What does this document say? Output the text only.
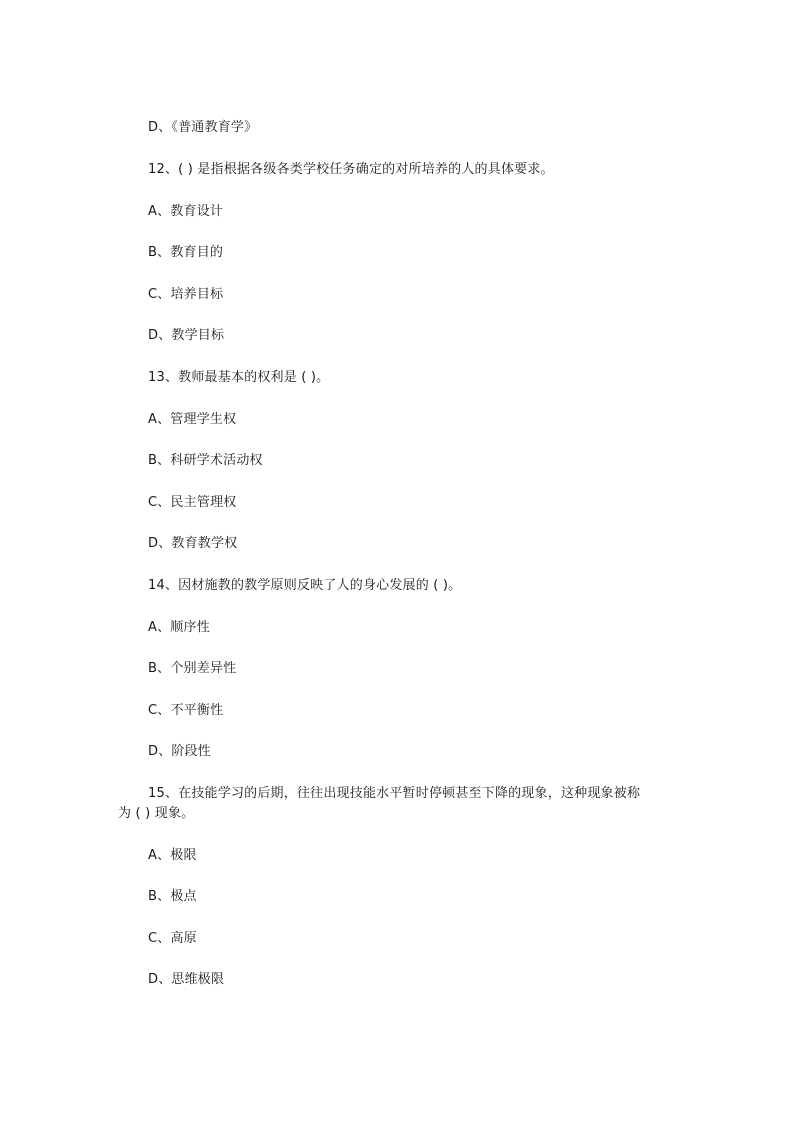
D、《普通教育学》
12、( ) 是指根据各级各类学校任务确定的对所培养的人的具体要求。
A、教育设计
B、教育目的
C、培养目标
D、教学目标
13、教师最基本的权利是 ( )。
A、管理学生权
B、科研学术活动权
C、民主管理权
D、教育教学权
14、因材施教的教学原则反映了人的身心发展的 ( )。
A、顺序性
B、个别差异性
C、不平衡性
D、阶段性
15、在技能学习的后期，往往出现技能水平暂时停顿甚至下降的现象，这种现象被称
为 ( ) 现象。
A、极限
B、极点
C、高原
D、思维极限
